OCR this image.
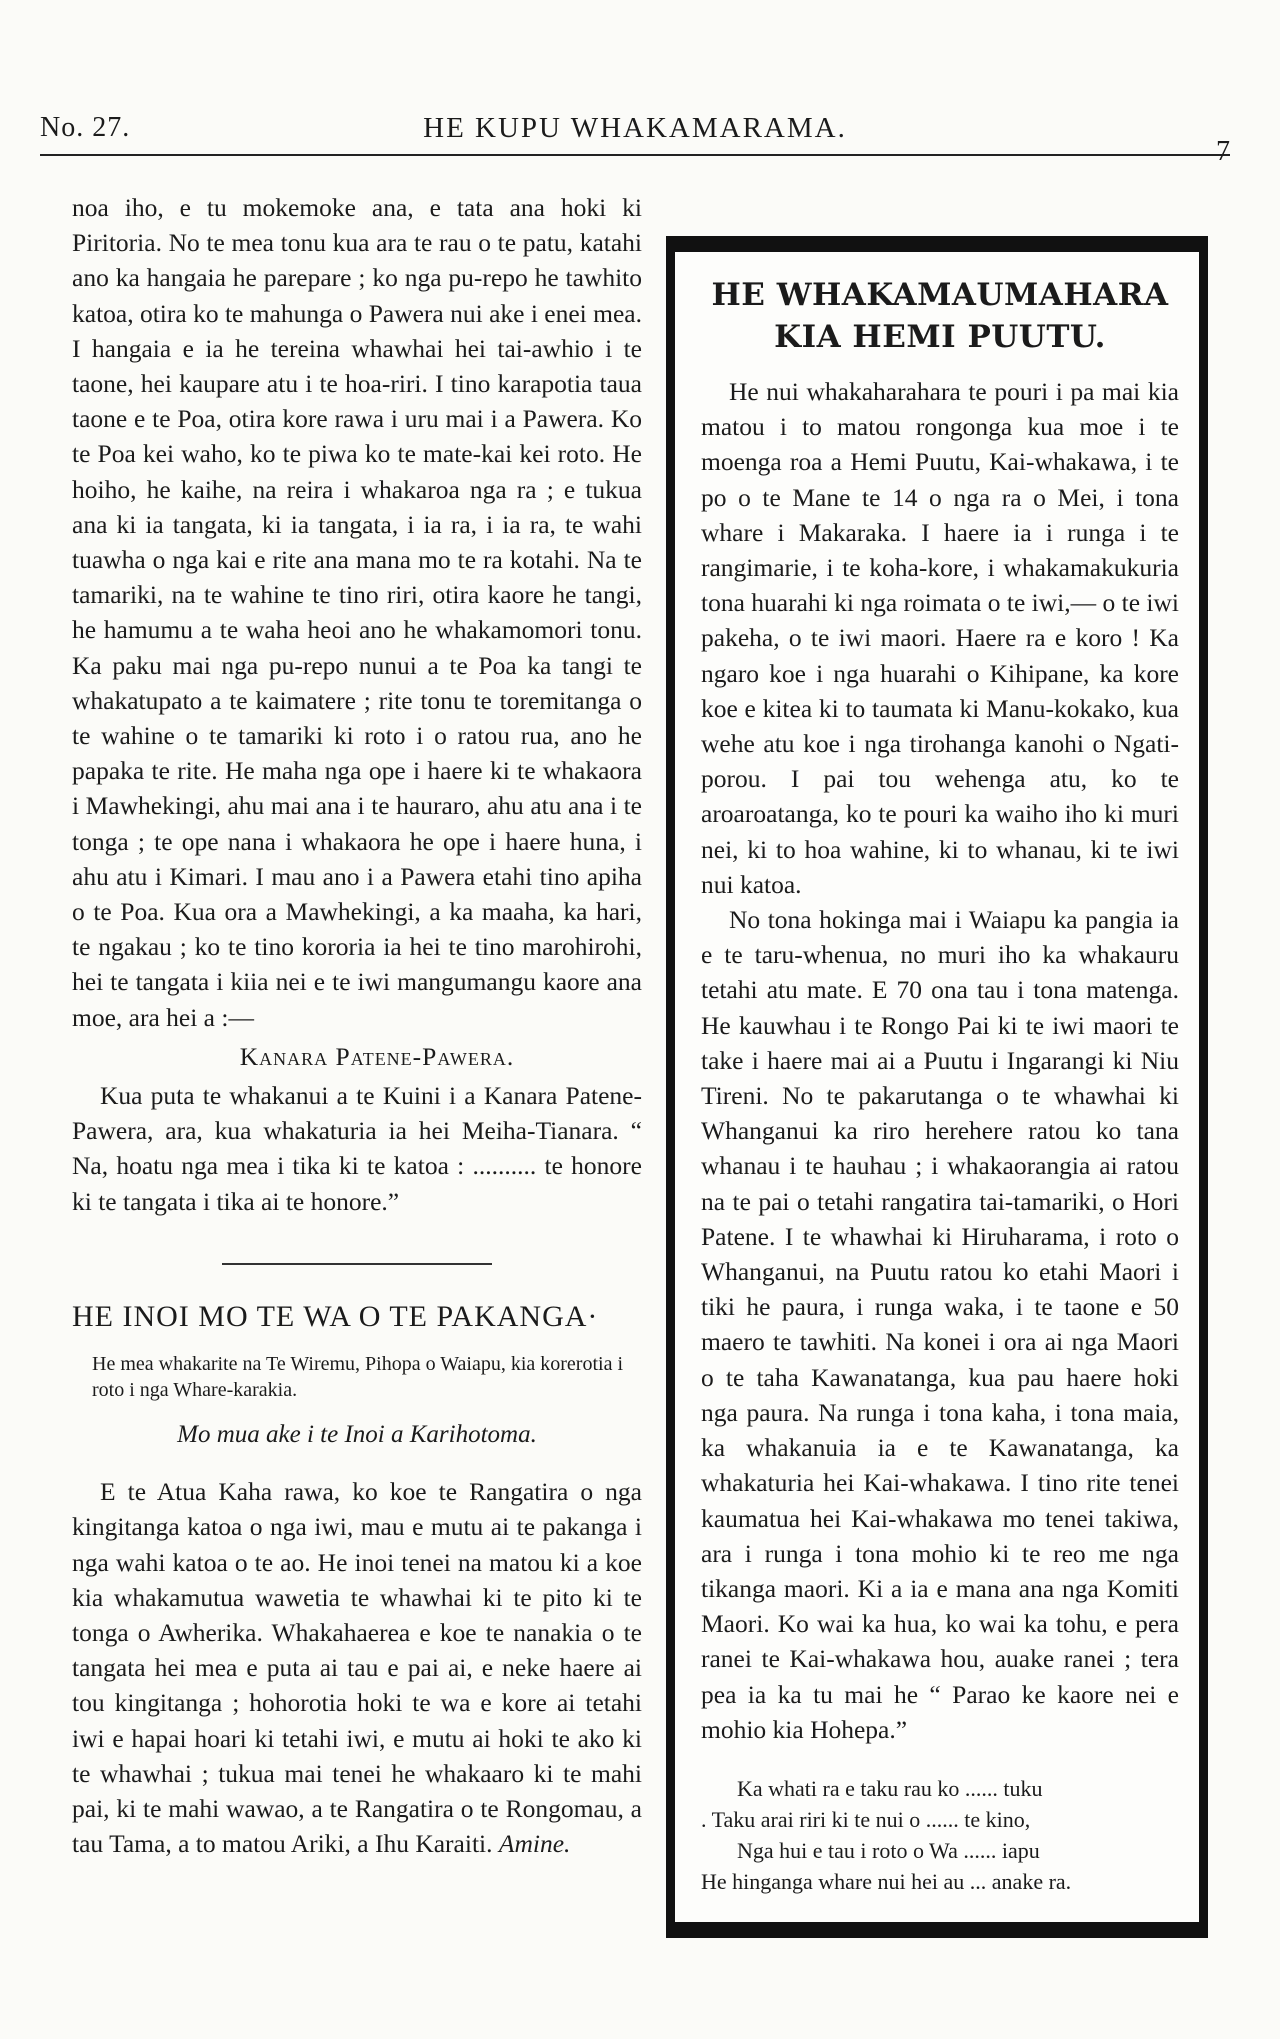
No. 27.	HE KUPU WHAKAMARAMA.
7

noa iho, e tu mokemoke ana, e tata ana hoki ki Piritoria. No te mea tonu kua ara te rau o te patu, katahi ano ka hangaia he parepare ; ko nga pu-repo he tawhito katoa, otira ko te mahunga o Pawera nui ake i enei mea. I hangaia e ia he tereina whawhai hei tai-awhio i te taone, hei kaupare atu i te hoa-riri. I tino karapotia taua taone e te Poa, otira kore rawa i uru mai i a Pawera. Ko te Poa kei waho, ko te piwa ko te mate-kai kei roto. He hoiho, he kaihe, na reira i whakaroa nga ra ; e tukua ana ki ia tangata, ki ia tangata, i ia ra, i ia ra, te wahi tuawha o nga kai e rite ana mana mo te ra kotahi. Na te tamariki, na te wahine te tino riri, otira kaore he tangi, he hamumu a te waha heoi ano he whakamomori tonu. Ka paku mai nga pu-repo nunui a te Poa ka tangi te whakatupato a te kaimatere ; rite tonu te toremitanga o te wahine o te tamariki ki roto i o ratou rua, ano he papaka te rite. He maha nga ope i haere ki te whakaora i Mawhekingi, ahu mai ana i te hauraro, ahu atu ana i te tonga ; te ope nana i whakaora he ope i haere huna, i ahu atu i Kimari. I mau ano i a Pawera etahi tino apiha o te Poa. Kua ora a Mawhekingi, a ka maaha, ka hari, te ngakau ; ko te tino kororia ia hei te tino marohirohi, hei te tangata i kiia nei e te iwi mangumangu kaore ana moe, ara hei a :—

Kanara Patene-Pawera.

Kua puta te whakanui a te Kuini i a Kanara Patene-Pawera, ara, kua whakaturia ia hei Meiha-Tianara. “ Na, hoatu nga mea i tika ki te katoa : .......... te honore ki te tangata i tika ai te honore.”

HE INOI MO TE WA O TE PAKANGA·

He mea whakarite na Te Wiremu, Pihopa o Waiapu, kia korerotia i roto i nga Whare-karakia.

Mo mua ake i te Inoi a Karihotoma.

E te Atua Kaha rawa, ko koe te Rangatira o nga kingitanga katoa o nga iwi, mau e mutu ai te pakanga i nga wahi katoa o te ao. He inoi tenei na matou ki a koe kia whakamutua wawetia te whawhai ki te pito ki te tonga o Awherika. Whakahaerea e koe te nanakia o te tangata hei mea e puta ai tau e pai ai, e neke haere ai tou kingitanga ; hohorotia hoki te wa e kore ai tetahi iwi e hapai hoari ki tetahi iwi, e mutu ai hoki te ako ki te whawhai ; tukua mai tenei he whakaaro ki te mahi pai, ki te mahi wawao, a te Rangatira o te Rongomau, a tau Tama, a to matou Ariki, a Ihu Karaiti. Amine.

HE WHAKAMAUMAHARA KIA HEMI PUUTU.

He nui whakaharahara te pouri i pa mai kia matou i to matou rongonga kua moe i te moenga roa a Hemi Puutu, Kai-whakawa, i te po o te Mane te 14 o nga ra o Mei, i tona whare i Makaraka. I haere ia i runga i te rangimarie, i te koha-kore, i whakamakukuria tona huarahi ki nga roimata o te iwi,— o te iwi pakeha, o te iwi maori. Haere ra e koro ! Ka ngaro koe i nga huarahi o Kihipane, ka kore koe e kitea ki to taumata ki Manu-kokako, kua wehe atu koe i nga tirohanga kanohi o Ngati-porou. I pai tou wehenga atu, ko te aroaroatanga, ko te pouri ka waiho iho ki muri nei, ki to hoa wahine, ki to whanau, ki te iwi nui katoa.

No tona hokinga mai i Waiapu ka pangia ia e te taru-whenua, no muri iho ka whakauru tetahi atu mate. E 70 ona tau i tona matenga. He kauwhau i te Rongo Pai ki te iwi maori te take i haere mai ai a Puutu i Ingarangi ki Niu Tireni. No te pakarutanga o te whawhai ki Whanganui ka riro herehere ratou ko tana whanau i te hauhau ; i whakaorangia ai ratou na te pai o tetahi rangatira tai-tamariki, o Hori Patene. I te whawhai ki Hiruharama, i roto o Whanganui, na Puutu ratou ko etahi Maori i tiki he paura, i runga waka, i te taone e 50 maero te tawhiti. Na konei i ora ai nga Maori o te taha Kawanatanga, kua pau haere hoki nga paura. Na runga i tona kaha, i tona maia, ka whakanuia ia e te Kawanatanga, ka whakaturia hei Kai-whakawa. I tino rite tenei kaumatua hei Kai-whakawa mo tenei takiwa, ara i runga i tona mohio ki te reo me nga tikanga maori. Ki a ia e mana ana nga Komiti Maori. Ko wai ka hua, ko wai ka tohu, e pera ranei te Kai-whakawa hou, auake ranei ; tera pea ia ka tu mai he “ Parao ke kaore nei e mohio kia Hohepa.”

Ka whati ra e taku rau ko ...... tuku
. Taku arai riri ki te nui o ...... te kino,
Nga hui e tau i roto o Wa ...... iapu
He hinganga whare nui hei au ... anake ra.
